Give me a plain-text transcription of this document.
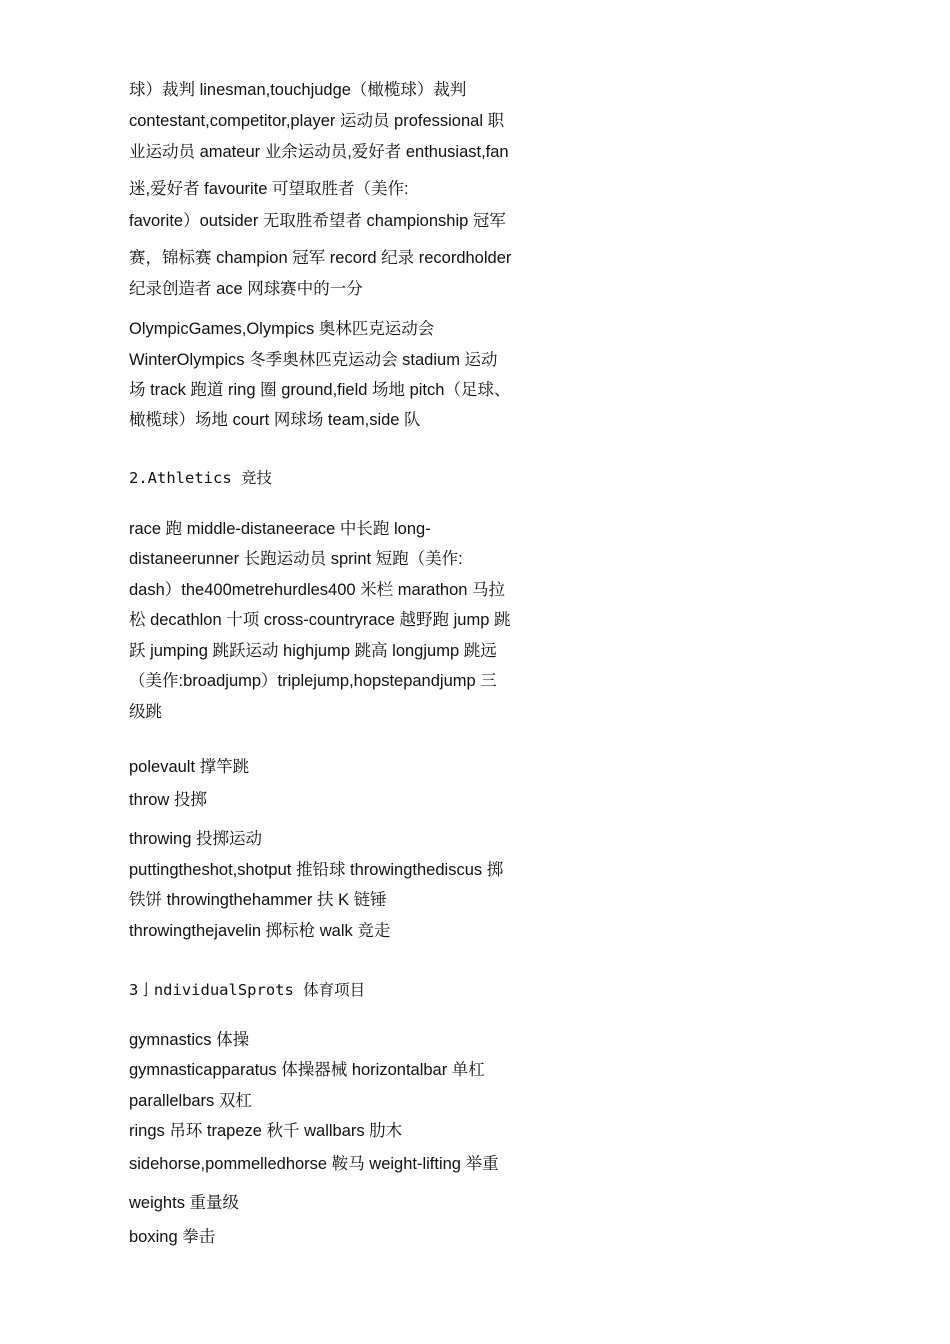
球）裁判 linesman,touchjudge（橄榄球）裁判
contestant,competitor,player 运动员 professional 职
业运动员 amateur 业余运动员,爱好者 enthusiast,fan
迷,爱好者 favourite 可望取胜者（美作:
favorite）outsider 无取胜希望者 championship 冠军
赛，锦标赛 champion 冠军 record 纪录 recordholder
纪录创造者 ace 网球赛中的一分
OlympicGames,Olympics 奥林匹克运动会
WinterOlympics 冬季奥林匹克运动会 stadium 运动
场 track 跑道 ring 圈 ground,field 场地 pitch（足球、
橄榄球）场地 court 网球场 team,side 队
2.Athletics 竞技
race 跑 middle-distaneerace 中长跑 long-
distaneerunner 长跑运动员 sprint 短跑（美作:
dash）the400metrehurdles400 米栏 marathon 马拉
松 decathlon 十项 cross-countryrace 越野跑 jump 跳
跃 jumping 跳跃运动 highjump 跳高 longjump 跳远
（美作:broadjump）triplejump,hopstepandjump 三
级跳
polevault 撑竿跳
throw 投掷
throwing 投掷运动
puttingtheshot,shotput 推铅球 throwingthediscus 掷
铁饼 throwingthehammer 扶 K 链锤
throwingthejavelin 掷标枪 walk 竞走
3亅ndividualSprots 体育项目
gymnastics 体操
gymnasticapparatus 体操器械 horizontalbar 单杠
parallelbars 双杠
rings 吊环 trapeze 秋千 wallbars 肋木
sidehorse,pommelledhorse 鞍马 weight-lifting 举重
weights 重量级
boxing 拳击
